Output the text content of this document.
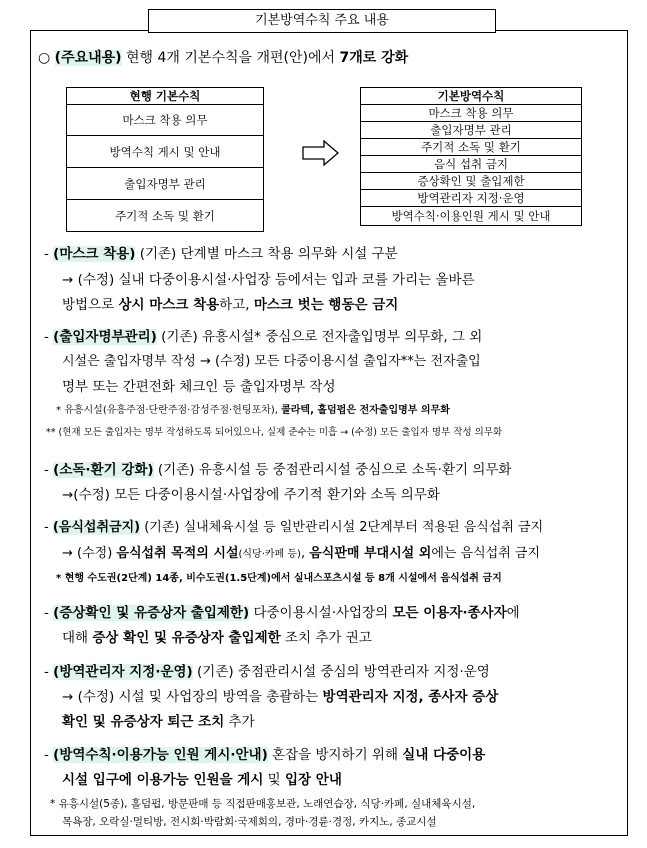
기본방역수칙 주요 내용
○ (주요내용) 현행 4개 기본수칙을 개편(안)에서 7개로 강화
현행 기본수칙
마스크 착용 의무
방역수칙 게시 및 안내
출입자명부 관리
주기적 소독 및 환기
기본방역수칙
마스크 착용 의무
출입자명부 관리
주기적 소독 및 환기
음식 섭취 금지
증상확인 및 출입제한
방역관리자 지정·운영
방역수칙·이용인원 게시 및 안내
- (마스크 착용) (기존) 단계별 마스크 착용 의무화 시설 구분
→ (수정) 실내 다중이용시설·사업장 등에서는 입과 코를 가리는 올바른
방법으로 상시 마스크 착용하고, 마스크 벗는 행동은 금지
- (출입자명부관리) (기존) 유흥시설* 중심으로 전자출입명부 의무화, 그 외
시설은 출입자명부 작성 → (수정) 모든 다중이용시설 출입자**는 전자출입
명부 또는 간편전화 체크인 등 출입자명부 작성
* 유흥시설(유흥주점·단란주점·감성주점·헌팅포차), 콜라텍, 홀덤펍은 전자출입명부 의무화
** (현재 모든 출입자는 명부 작성하도록 되어있으나, 실제 준수는 미흡 → (수정) 모든 출입자 명부 작성 의무화
- (소독·환기 강화) (기존) 유흥시설 등 중점관리시설 중심으로 소독·환기 의무화
→(수정) 모든 다중이용시설·사업장에 주기적 환기와 소독 의무화
- (음식섭취금지) (기존) 실내체육시설 등 일반관리시설 2단계부터 적용된 음식섭취 금지
→ (수정) 음식섭취 목적의 시설(식당·카페 등), 음식판매 부대시설 외에는 음식섭취 금지
* 현행 수도권(2단계) 14종, 비수도권(1.5단계)에서 실내스포츠시설 등 8개 시설에서 음식섭취 금지
- (증상확인 및 유증상자 출입제한) 다중이용시설·사업장의 모든 이용자·종사자에
대해 증상 확인 및 유증상자 출입제한 조치 추가 권고
- (방역관리자 지정·운영) (기존) 중점관리시설 중심의 방역관리자 지정·운영
→ (수정) 시설 및 사업장의 방역을 총괄하는 방역관리자 지정, 종사자 증상
확인 및 유증상자 퇴근 조치 추가
- (방역수칙·이용가능 인원 게시·안내) 혼잡을 방지하기 위해 실내 다중이용
시설 입구에 이용가능 인원을 게시 및 입장 안내
* 유흥시설(5종), 홀덤펍, 방문판매 등 직접판매홍보관, 노래연습장, 식당·카페, 실내체육시설,
목욕장, 오락실·멀티방, 전시회·박람회·국제회의, 경마·경륜·경정, 카지노, 종교시설
